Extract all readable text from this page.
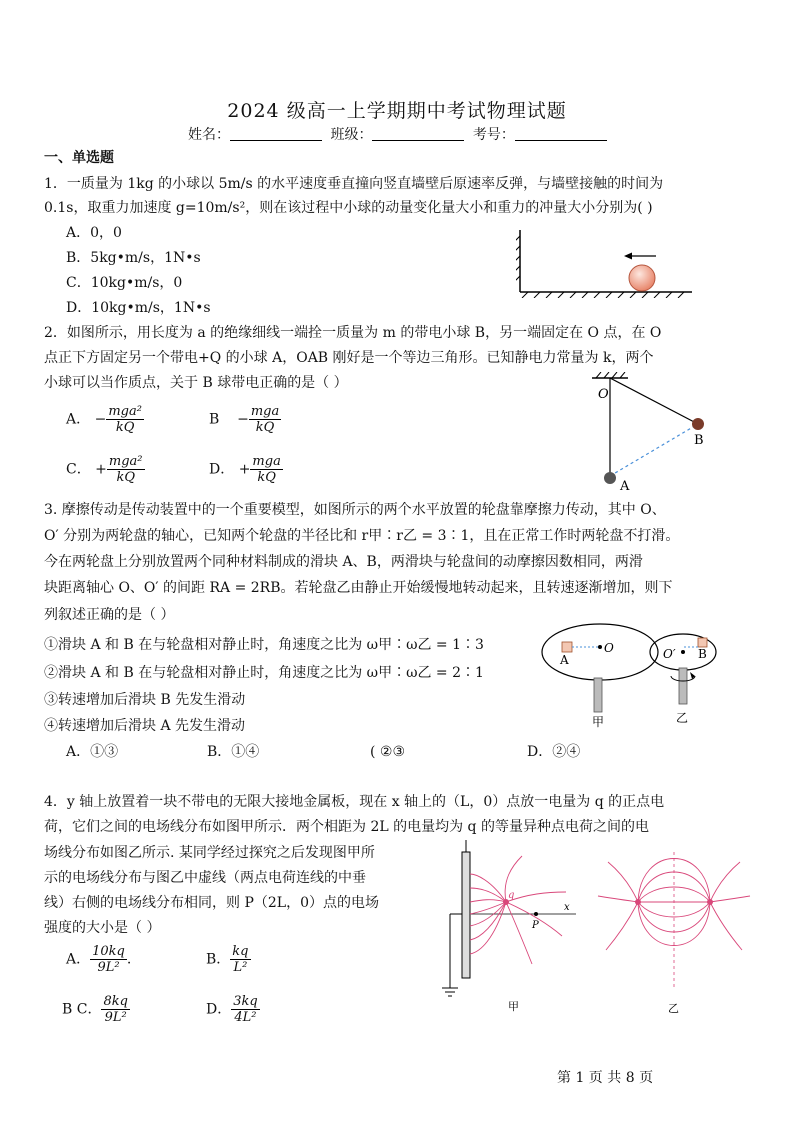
2024 级高一上学期期中考试物理试题
姓名：	班级：	考号：
一、单选题
1．一质量为 1kg 的小球以 5m/s 的水平速度垂直撞向竖直墙壁后原速率反弹，与墙壁接触的时间为
0.1s，取重力加速度 g=10m/s²，则在该过程中小球的动量变化量大小和重力的冲量大小分别为( )
A．0，0
B．5kg•m/s，1N•s
C．10kg•m/s，0
D．10kg•m/s，1N•s
2．如图所示，用长度为 a 的绝缘细线一端拴一质量为 m 的带电小球 B，另一端固定在 O 点，在 O
点正下方固定另一个带电+Q 的小球 A，OAB 刚好是一个等边三角形。已知静电力常量为 k，两个
小球可以当作质点，关于 B 球带电正确的是（ ）
A． − $\frac{\text{mga²}}{kQ}$	$B - \frac{\text{mga}}{kQ}$
C． + $\frac{\text{mga²}}{kQ}$	D． + $\frac{\text{mga}}{kQ}$
O
B
A
3. 摩擦传动是传动装置中的一个重要模型，如图所示的两个水平放置的轮盘靠摩擦力传动，其中 O、
O′ 分别为两轮盘的轴心，已知两个轮盘的半径比和 r甲∶r乙 = 3∶1，且在正常工作时两轮盘不打滑。
今在两轮盘上分别放置两个同种材料制成的滑块 A、B，两滑块与轮盘间的动摩擦因数相同，两滑
块距离轴心 O、O′ 的间距 RA = 2RB。若轮盘乙由静止开始缓慢地转动起来，且转速逐渐增加，则下
列叙述正确的是（ ）
①滑块 A 和 B 在与轮盘相对静止时，角速度之比为 ω甲∶ω乙 = 1∶3
②滑块 A 和 B 在与轮盘相对静止时，角速度之比为 ω甲∶ω乙 = 2∶1
③转速增加后滑块 B 先发生滑动
④转速增加后滑块 A 先发生滑动
A．①③	B．①④	( ②③	D．②④
A
O	O′ B
甲	乙
4．y 轴上放置着一块不带电的无限大接地金属板，现在 x 轴上的（L，0）点放一电量为 q 的正点电
荷，它们之间的电场线分布如图甲所示．两个相距为 2L 的电量均为 q 的等量异种点电荷之间的电
场线分布如图乙所示. 某同学经过探究之后发现图甲所
示的电场线分布与图乙中虚线（两点电荷连线的中垂
线）右侧的电场线分布相同，则 P（2L，0）点的电场
强度的大小是（ ）
A． $\frac{10kq}{\text{9L²}}$ .	B． $\frac{kq}{\text{L²}}$
B C． $\frac{8kq}{\text{9L²}}$	D． $\frac{3kq}{\text{4L²}}$
q
P
x
甲	乙
第 1 页 共 8 页
